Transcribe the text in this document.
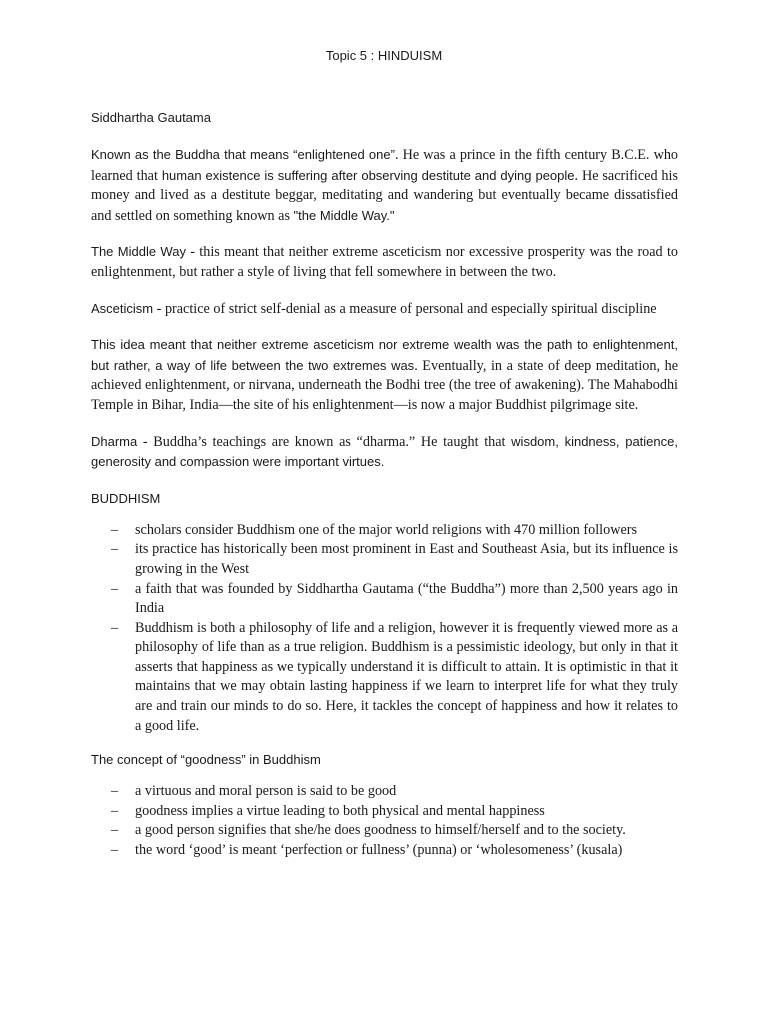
Topic 5 : HINDUISM
Siddhartha Gautama

Known as the Buddha that means “enlightened one”. He was a prince in the fifth century B.C.E. who learned that human existence is suffering after observing destitute and dying people. He sacrificed his money and lived as a destitute beggar, meditating and wandering but eventually became dissatisfied and settled on something known as "the Middle Way."

The Middle Way - this meant that neither extreme asceticism nor excessive prosperity was the road to enlightenment, but rather a style of living that fell somewhere in between the two.

Asceticism - practice of strict self-denial as a measure of personal and especially spiritual discipline

This idea meant that neither extreme asceticism nor extreme wealth was the path to enlightenment, but rather, a way of life between the two extremes was. Eventually, in a state of deep meditation, he achieved enlightenment, or nirvana, underneath the Bodhi tree (the tree of awakening). The Mahabodhi Temple in Bihar, India—the site of his enlightenment—is now a major Buddhist pilgrimage site.

Dharma - Buddha’s teachings are known as “dharma.” He taught that wisdom, kindness, patience, generosity and compassion were important virtues.

BUDDHISM
– scholars consider Buddhism one of the major world religions with 470 million followers
– its practice has historically been most prominent in East and Southeast Asia, but its influence is growing in the West
– a faith that was founded by Siddhartha Gautama (“the Buddha”) more than 2,500 years ago in India
– Buddhism is both a philosophy of life and a religion, however it is frequently viewed more as a philosophy of life than as a true religion. Buddhism is a pessimistic ideology, but only in that it asserts that happiness as we typically understand it is difficult to attain. It is optimistic in that it maintains that we may obtain lasting happiness if we learn to interpret life for what they truly are and train our minds to do so. Here, it tackles the concept of happiness and how it relates to a good life.
The concept of “goodness” in Buddhism
– a virtuous and moral person is said to be good
– goodness implies a virtue leading to both physical and mental happiness
– a good person signifies that she/he does goodness to himself/herself and to the society.
– the word ‘good’ is meant ‘perfection or fullness’ (punna) or ‘wholesomeness’ (kusala)
